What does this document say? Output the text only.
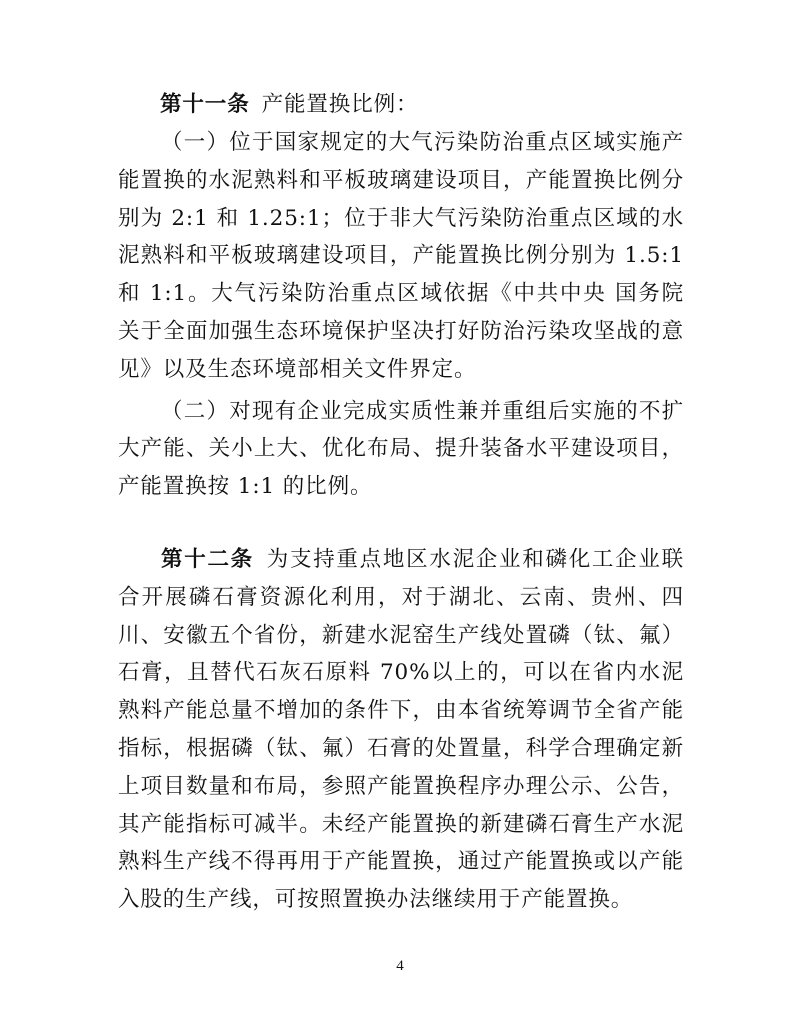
第十一条 产能置换比例：

（一）位于国家规定的大气污染防治重点区域实施产能置换的水泥熟料和平板玻璃建设项目，产能置换比例分别为 2:1 和 1.25:1；位于非大气污染防治重点区域的水泥熟料和平板玻璃建设项目，产能置换比例分别为 1.5:1 和 1:1。大气污染防治重点区域依据《中共中央 国务院关于全面加强生态环境保护坚决打好防治污染攻坚战的意见》以及生态环境部相关文件界定。

（二）对现有企业完成实质性兼并重组后实施的不扩大产能、关小上大、优化布局、提升装备水平建设项目，产能置换按 1:1 的比例。

第十二条 为支持重点地区水泥企业和磷化工企业联合开展磷石膏资源化利用，对于湖北、云南、贵州、四川、安徽五个省份，新建水泥窑生产线处置磷（钛、氟）石膏，且替代石灰石原料 70%以上的，可以在省内水泥熟料产能总量不增加的条件下，由本省统筹调节全省产能指标，根据磷（钛、氟）石膏的处置量，科学合理确定新上项目数量和布局，参照产能置换程序办理公示、公告，其产能指标可减半。未经产能置换的新建磷石膏生产水泥熟料生产线不得再用于产能置换，通过产能置换或以产能入股的生产线，可按照置换办法继续用于产能置换。

4
